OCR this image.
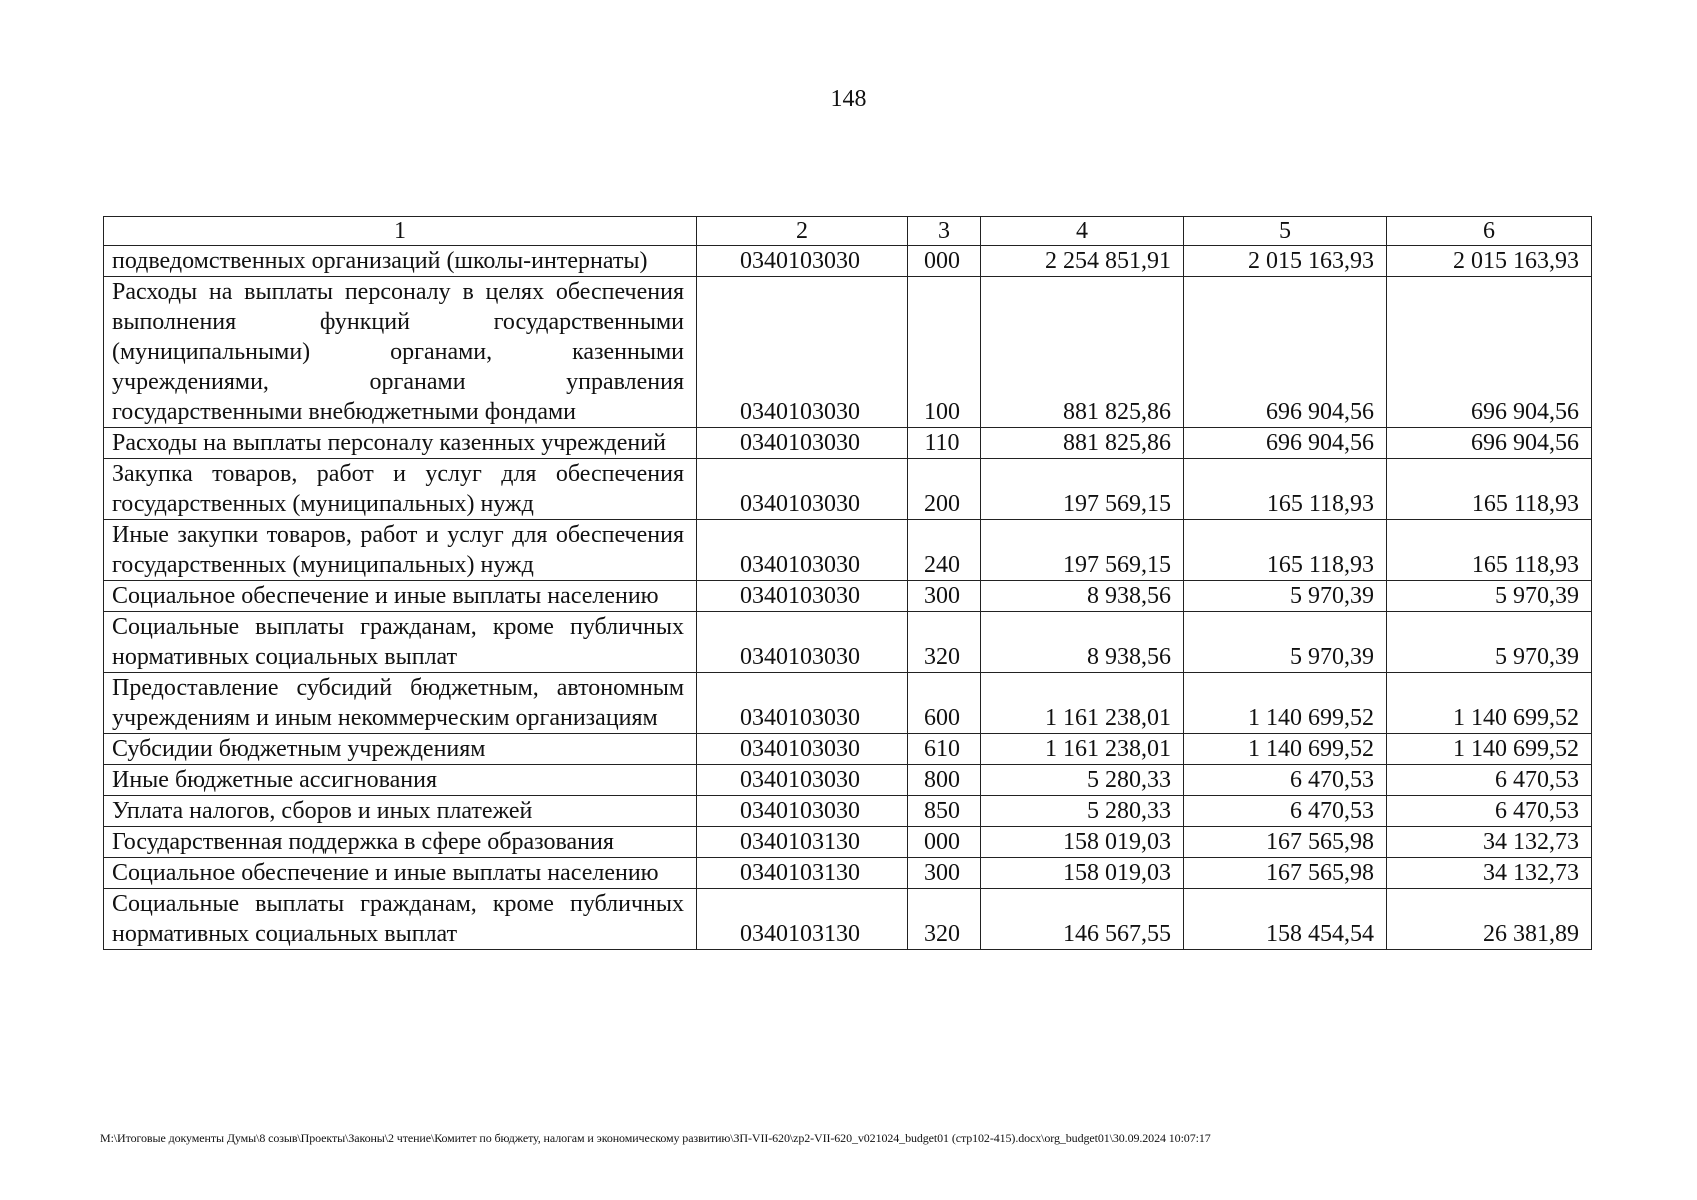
148
1	2	3	4	5	6
подведомственных организаций (школы-интернаты)	0340103030	000	2 254 851,91	2 015 163,93	2 015 163,93
Расходы на выплаты персоналу в целях обеспечения выполнения функций государственными (муниципальными) органами, казенными учреждениями, органами управления государственными внебюджетными фондами	0340103030	100	881 825,86	696 904,56	696 904,56
Расходы на выплаты персоналу казенных учреждений	0340103030	110	881 825,86	696 904,56	696 904,56
Закупка товаров, работ и услуг для обеспечения государственных (муниципальных) нужд	0340103030	200	197 569,15	165 118,93	165 118,93
Иные закупки товаров, работ и услуг для обеспечения государственных (муниципальных) нужд	0340103030	240	197 569,15	165 118,93	165 118,93
Социальное обеспечение и иные выплаты населению	0340103030	300	8 938,56	5 970,39	5 970,39
Социальные выплаты гражданам, кроме публичных нормативных социальных выплат	0340103030	320	8 938,56	5 970,39	5 970,39
Предоставление субсидий бюджетным, автономным учреждениям и иным некоммерческим организациям	0340103030	600	1 161 238,01	1 140 699,52	1 140 699,52
Субсидии бюджетным учреждениям	0340103030	610	1 161 238,01	1 140 699,52	1 140 699,52
Иные бюджетные ассигнования	0340103030	800	5 280,33	6 470,53	6 470,53
Уплата налогов, сборов и иных платежей	0340103030	850	5 280,33	6 470,53	6 470,53
Государственная поддержка в сфере образования	0340103130	000	158 019,03	167 565,98	34 132,73
Социальное обеспечение и иные выплаты населению	0340103130	300	158 019,03	167 565,98	34 132,73
Социальные выплаты гражданам, кроме публичных нормативных социальных выплат	0340103130	320	146 567,55	158 454,54	26 381,89
M:\Итоговые документы Думы\8 созыв\Проекты\Законы\2 чтение\Комитет по бюджету, налогам и экономическому развитию\ЗП-VII-620\zp2-VII-620_v021024_budget01 (стр102-415).docx\org_budget01\30.09.2024 10:07:17
